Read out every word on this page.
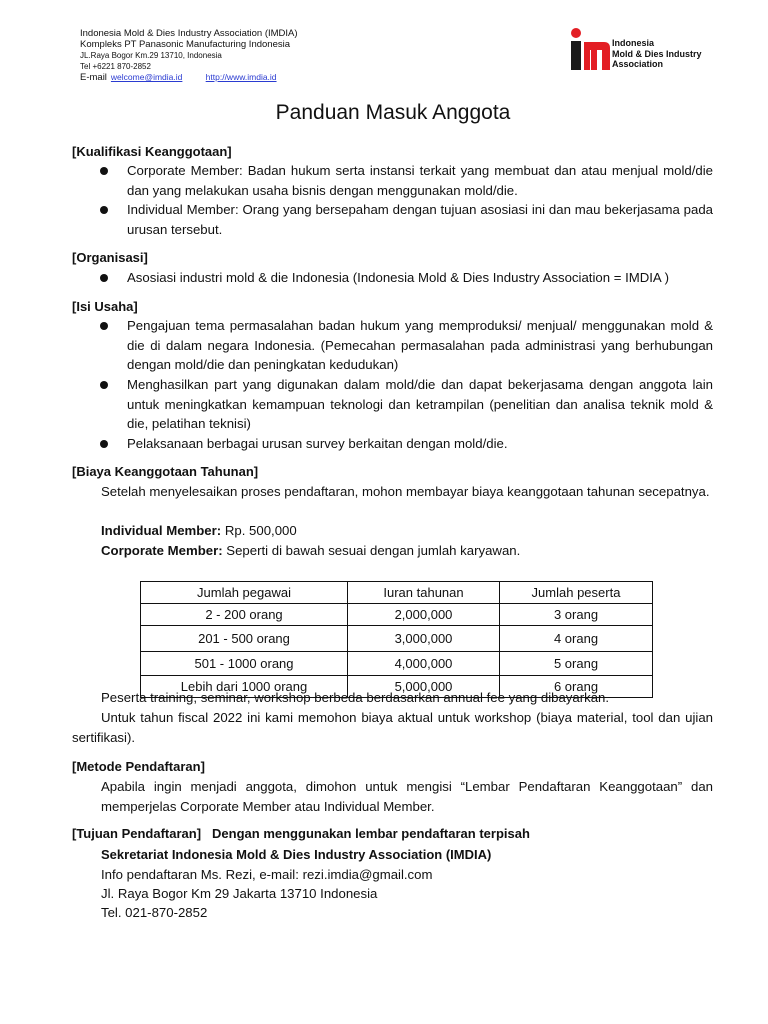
Indonesia Mold & Dies Industry Association (IMDIA)
Kompleks PT Panasonic Manufacturing Indonesia
JL.Raya Bogor Km.29 13710, Indonesia
Tel +6221 870-2852
E-mail welcome@imdia.id	http://www.imdia.id
Indonesia
Mold & Dies Industry
Association
Panduan Masuk Anggota
[Kualifikasi Keanggotaan]
Corporate Member: Badan hukum serta instansi terkait yang membuat dan atau menjual mold/die dan yang melakukan usaha bisnis dengan menggunakan mold/die.
Individual Member: Orang yang bersepaham dengan tujuan asosiasi ini dan mau bekerjasama pada urusan tersebut.
[Organisasi]
Asosiasi industri mold & die Indonesia (Indonesia Mold & Dies Industry Association = IMDIA )
[Isi Usaha]
Pengajuan tema permasalahan badan hukum yang memproduksi/ menjual/ menggunakan mold & die di dalam negara Indonesia. (Pemecahan permasalahan pada administrasi yang berhubungan dengan mold/die dan peningkatan kedudukan)
Menghasilkan part yang digunakan dalam mold/die dan dapat bekerjasama dengan anggota lain untuk meningkatkan kemampuan teknologi dan ketrampilan (penelitian dan analisa teknik mold & die, pelatihan teknisi)
Pelaksanaan berbagai urusan survey berkaitan dengan mold/die.
[Biaya Keanggotaan Tahunan]
Setelah menyelesaikan proses pendaftaran, mohon membayar biaya keanggotaan tahunan secepatnya.
Individual Member: Rp. 500,000
Corporate Member: Seperti di bawah sesuai dengan jumlah karyawan.
Jumlah pegawai	Iuran tahunan	Jumlah peserta
2 - 200 orang	2,000,000	3 orang
201 - 500 orang	3,000,000	4 orang
501 - 1000 orang	4,000,000	5 orang
Lebih dari 1000 orang	5,000,000	6 orang
Peserta training, seminar, workshop berbeda berdasarkan annual fee yang dibayarkan.
Untuk tahun fiscal 2022 ini kami memohon biaya aktual untuk workshop (biaya material, tool dan ujian sertifikasi).
[Metode Pendaftaran]
Apabila ingin menjadi anggota, dimohon untuk mengisi “Lembar Pendaftaran Keanggotaan” dan memperjelas Corporate Member atau Individual Member.
[Tujuan Pendaftaran] Dengan menggunakan lembar pendaftaran terpisah
Sekretariat Indonesia Mold & Dies Industry Association (IMDIA)
Info pendaftaran Ms. Rezi, e-mail: rezi.imdia@gmail.com
Jl. Raya Bogor Km 29 Jakarta 13710 Indonesia
Tel. 021-870-2852
